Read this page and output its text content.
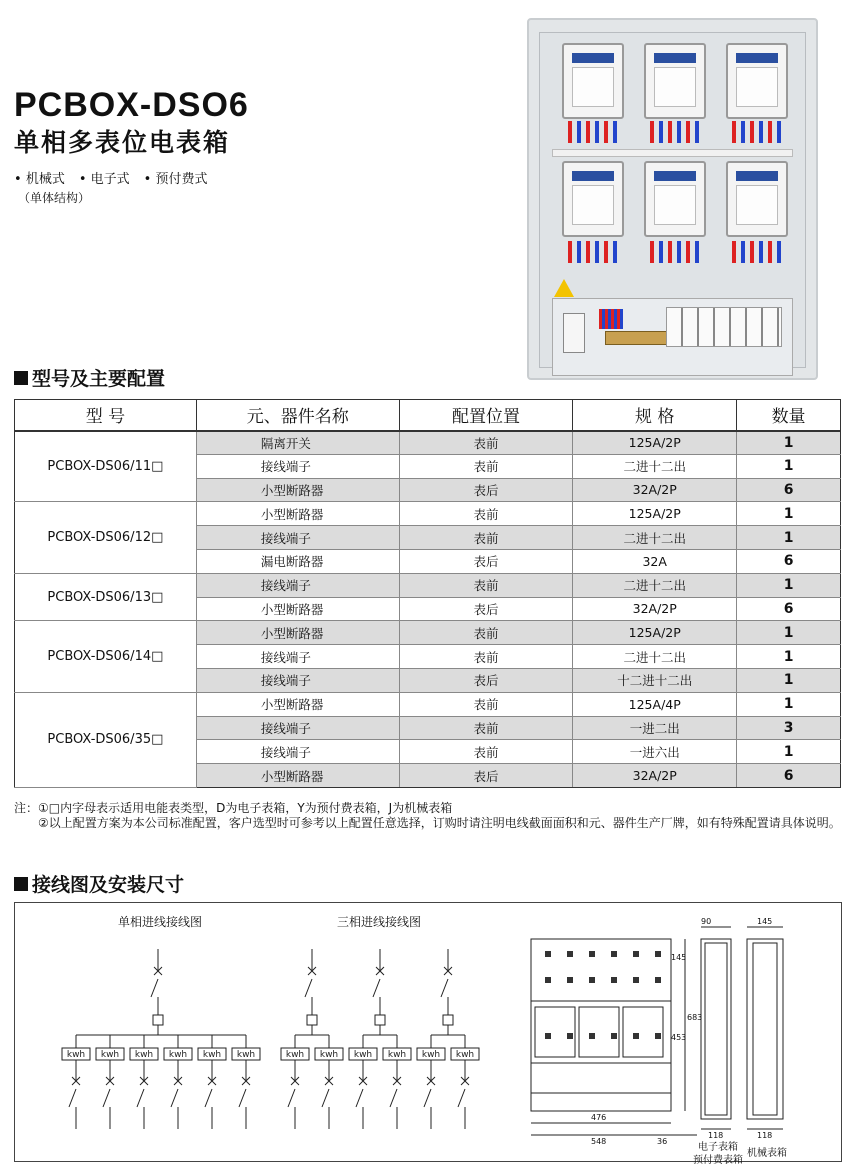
PCBOX-DSO6
单相多表位电表箱
• 机械式	• 电子式	• 预付费式
（单体结构）
型号及主要配置
型 号	元、器件名称	配置位置	规 格	数量
PCBOX-DS06/11□	隔离开关	表前	125A/2P	1
	接线端子	表前	二进十二出	1
	小型断路器	表后	32A/2P	6
PCBOX-DS06/12□	小型断路器	表前	125A/2P	1
	接线端子	表前	二进十二出	1
	漏电断路器	表后	32A	6
PCBOX-DS06/13□	接线端子	表前	二进十二出	1
	小型断路器	表后	32A/2P	6
PCBOX-DS06/14□	小型断路器	表前	125A/2P	1
	接线端子	表前	二进十二出	1
	接线端子	表后	十二进十二出	1
PCBOX-DS06/35□	小型断路器	表前	125A/4P	1
	接线端子	表前	一进二出	3
	接线端子	表前	一进六出	1
	小型断路器	表后	32A/2P	6
注：①□内字母表示适用电能表类型，D为电子表箱，Y为预付费表箱，J为机械表箱
②以上配置方案为本公司标准配置，客户选型时可参考以上配置任意选择，订购时请注明电线截面面积和元、器件生产厂牌，如有特殊配置请具体说明。
接线图及安装尺寸
单相进线接线图	三相进线接线图
kwh kwh kwh kwh kwh kwh	kwh kwh kwh kwh kwh kwh
90	145
145
683
453
476
548	36
118	118
电子表箱
预付费表箱
机械表箱
